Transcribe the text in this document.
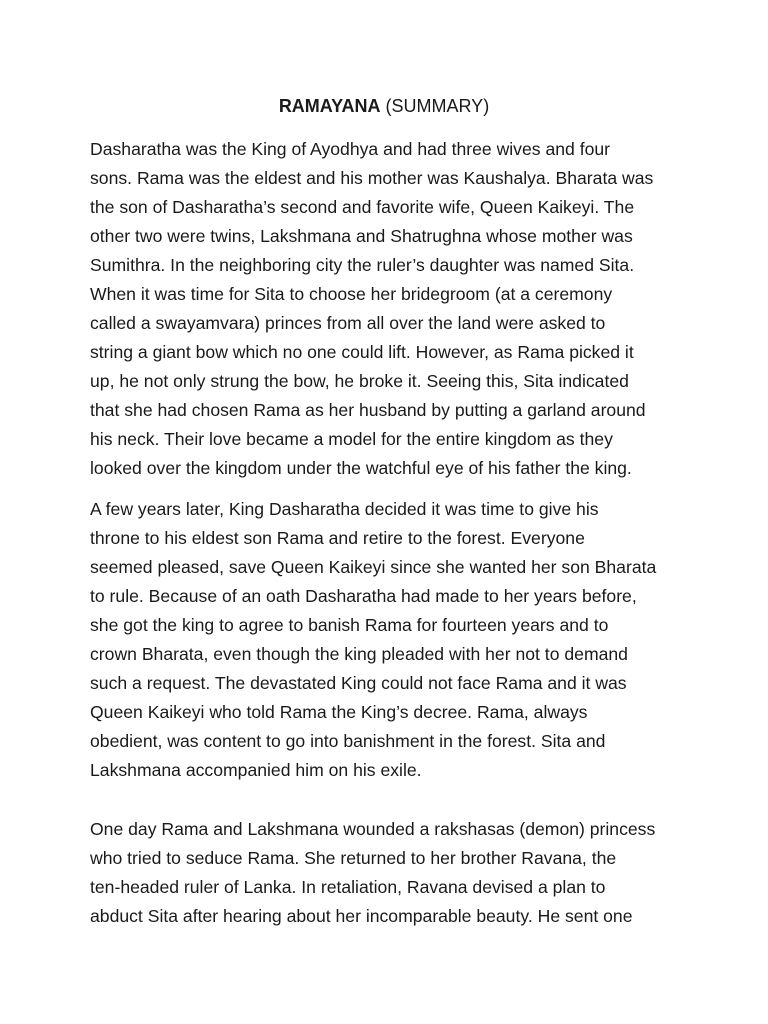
RAMAYANA (SUMMARY)

Dasharatha was the King of Ayodhya and had three wives and four
sons. Rama was the eldest and his mother was Kaushalya. Bharata was
the son of Dasharatha’s second and favorite wife, Queen Kaikeyi. The
other two were twins, Lakshmana and Shatrughna whose mother was
Sumithra. In the neighboring city the ruler’s daughter was named Sita.
When it was time for Sita to choose her bridegroom (at a ceremony
called a swayamvara) princes from all over the land were asked to
string a giant bow which no one could lift. However, as Rama picked it
up, he not only strung the bow, he broke it. Seeing this, Sita indicated
that she had chosen Rama as her husband by putting a garland around
his neck. Their love became a model for the entire kingdom as they
looked over the kingdom under the watchful eye of his father the king.

A few years later, King Dasharatha decided it was time to give his
throne to his eldest son Rama and retire to the forest. Everyone
seemed pleased, save Queen Kaikeyi since she wanted her son Bharata
to rule. Because of an oath Dasharatha had made to her years before,
she got the king to agree to banish Rama for fourteen years and to
crown Bharata, even though the king pleaded with her not to demand
such a request. The devastated King could not face Rama and it was
Queen Kaikeyi who told Rama the King’s decree. Rama, always
obedient, was content to go into banishment in the forest. Sita and
Lakshmana accompanied him on his exile.

One day Rama and Lakshmana wounded a rakshasas (demon) princess
who tried to seduce Rama. She returned to her brother Ravana, the
ten-headed ruler of Lanka. In retaliation, Ravana devised a plan to
abduct Sita after hearing about her incomparable beauty. He sent one
